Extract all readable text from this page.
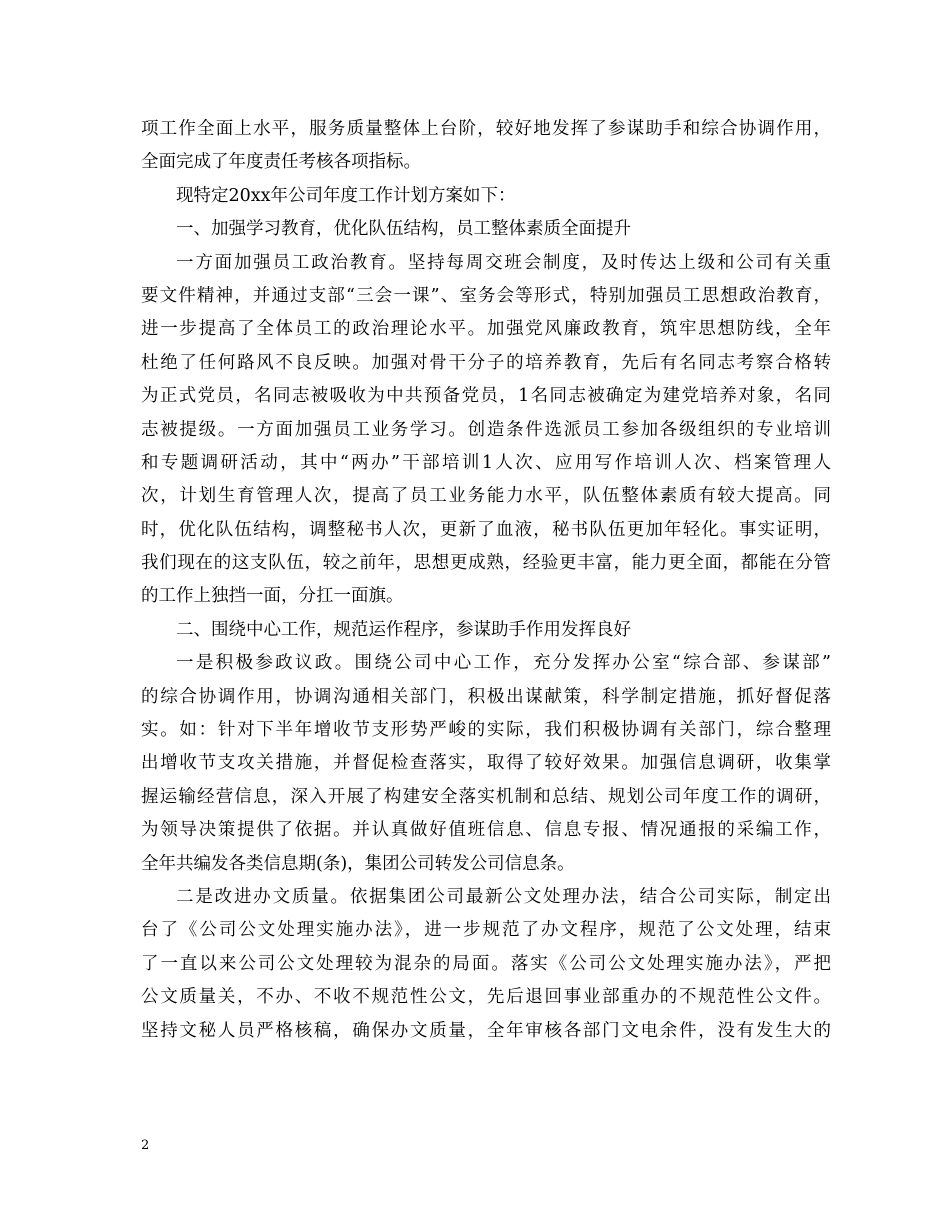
项工作全面上水平，服务质量整体上台阶，较好地发挥了参谋助手和综合协调作用，
全面完成了年度责任考核各项指标。
现特定20xx年公司年度工作计划方案如下：
一、加强学习教育，优化队伍结构，员工整体素质全面提升
一方面加强员工政治教育。坚持每周交班会制度，及时传达上级和公司有关重
要文件精神，并通过支部“三会一课”、室务会等形式，特别加强员工思想政治教育，
进一步提高了全体员工的政治理论水平。加强党风廉政教育，筑牢思想防线，全年
杜绝了任何路风不良反映。加强对骨干分子的培养教育，先后有名同志考察合格转
为正式党员，名同志被吸收为中共预备党员，1名同志被确定为建党培养对象，名同
志被提级。一方面加强员工业务学习。创造条件选派员工参加各级组织的专业培训
和专题调研活动，其中“两办”干部培训1人次、应用写作培训人次、档案管理人
次，计划生育管理人次，提高了员工业务能力水平，队伍整体素质有较大提高。同
时，优化队伍结构，调整秘书人次，更新了血液，秘书队伍更加年轻化。事实证明，
我们现在的这支队伍，较之前年，思想更成熟，经验更丰富，能力更全面，都能在分管
的工作上独挡一面，分扛一面旗。
二、围绕中心工作，规范运作程序，参谋助手作用发挥良好
一是积极参政议政。围绕公司中心工作，充分发挥办公室“综合部、参谋部”
的综合协调作用，协调沟通相关部门，积极出谋献策，科学制定措施，抓好督促落
实。如：针对下半年增收节支形势严峻的实际，我们积极协调有关部门，综合整理
出增收节支攻关措施，并督促检查落实，取得了较好效果。加强信息调研，收集掌
握运输经营信息，深入开展了构建安全落实机制和总结、规划公司年度工作的调研，
为领导决策提供了依据。并认真做好值班信息、信息专报、情况通报的采编工作，
全年共编发各类信息期(条)，集团公司转发公司信息条。
二是改进办文质量。依据集团公司最新公文处理办法，结合公司实际，制定出
台了《公司公文处理实施办法》，进一步规范了办文程序，规范了公文处理，结束
了一直以来公司公文处理较为混杂的局面。落实《公司公文处理实施办法》，严把
公文质量关，不办、不收不规范性公文，先后退回事业部重办的不规范性公文件。
坚持文秘人员严格核稿，确保办文质量，全年审核各部门文电余件，没有发生大的
2
